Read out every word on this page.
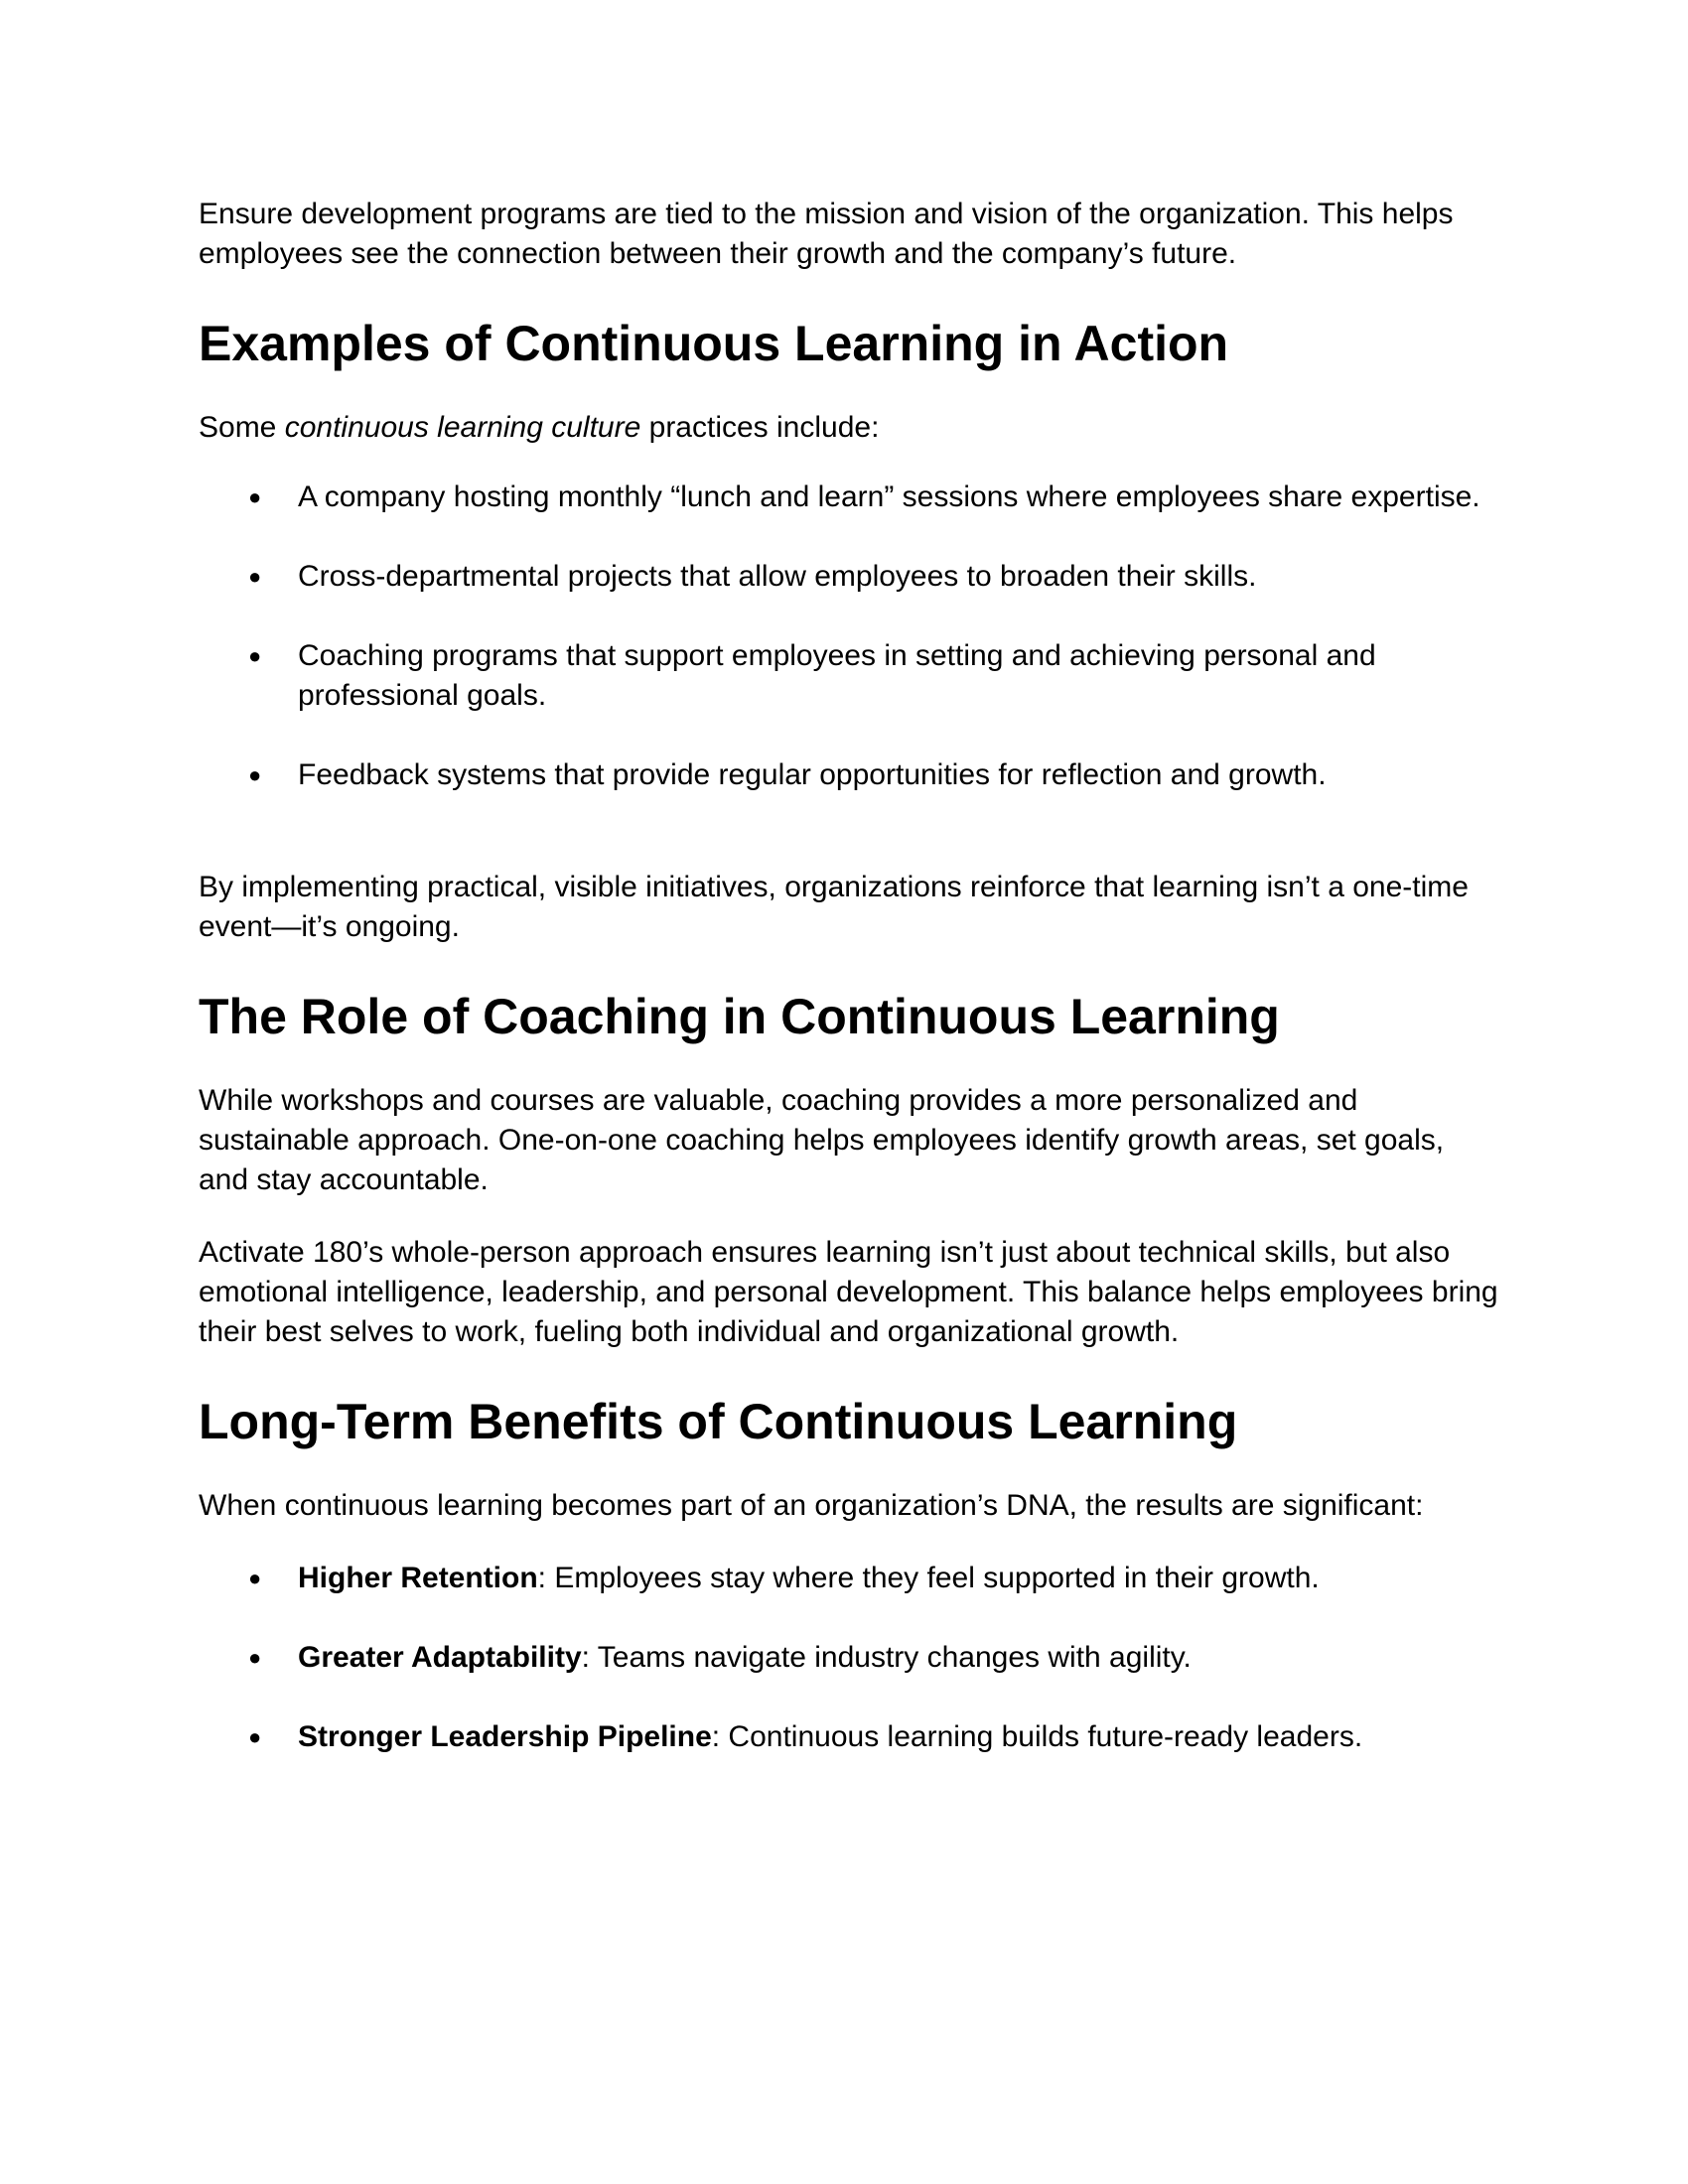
Ensure development programs are tied to the mission and vision of the organization. This helps employees see the connection between their growth and the company’s future.

Examples of Continuous Learning in Action

Some continuous learning culture practices include:

● A company hosting monthly “lunch and learn” sessions where employees share expertise.
● Cross-departmental projects that allow employees to broaden their skills.
● Coaching programs that support employees in setting and achieving personal and professional goals.
● Feedback systems that provide regular opportunities for reflection and growth.

By implementing practical, visible initiatives, organizations reinforce that learning isn’t a one-time event—it’s ongoing.

The Role of Coaching in Continuous Learning

While workshops and courses are valuable, coaching provides a more personalized and sustainable approach. One-on-one coaching helps employees identify growth areas, set goals, and stay accountable.

Activate 180’s whole-person approach ensures learning isn’t just about technical skills, but also emotional intelligence, leadership, and personal development. This balance helps employees bring their best selves to work, fueling both individual and organizational growth.

Long-Term Benefits of Continuous Learning

When continuous learning becomes part of an organization’s DNA, the results are significant:

● Higher Retention: Employees stay where they feel supported in their growth.
● Greater Adaptability: Teams navigate industry changes with agility.
● Stronger Leadership Pipeline: Continuous learning builds future-ready leaders.
